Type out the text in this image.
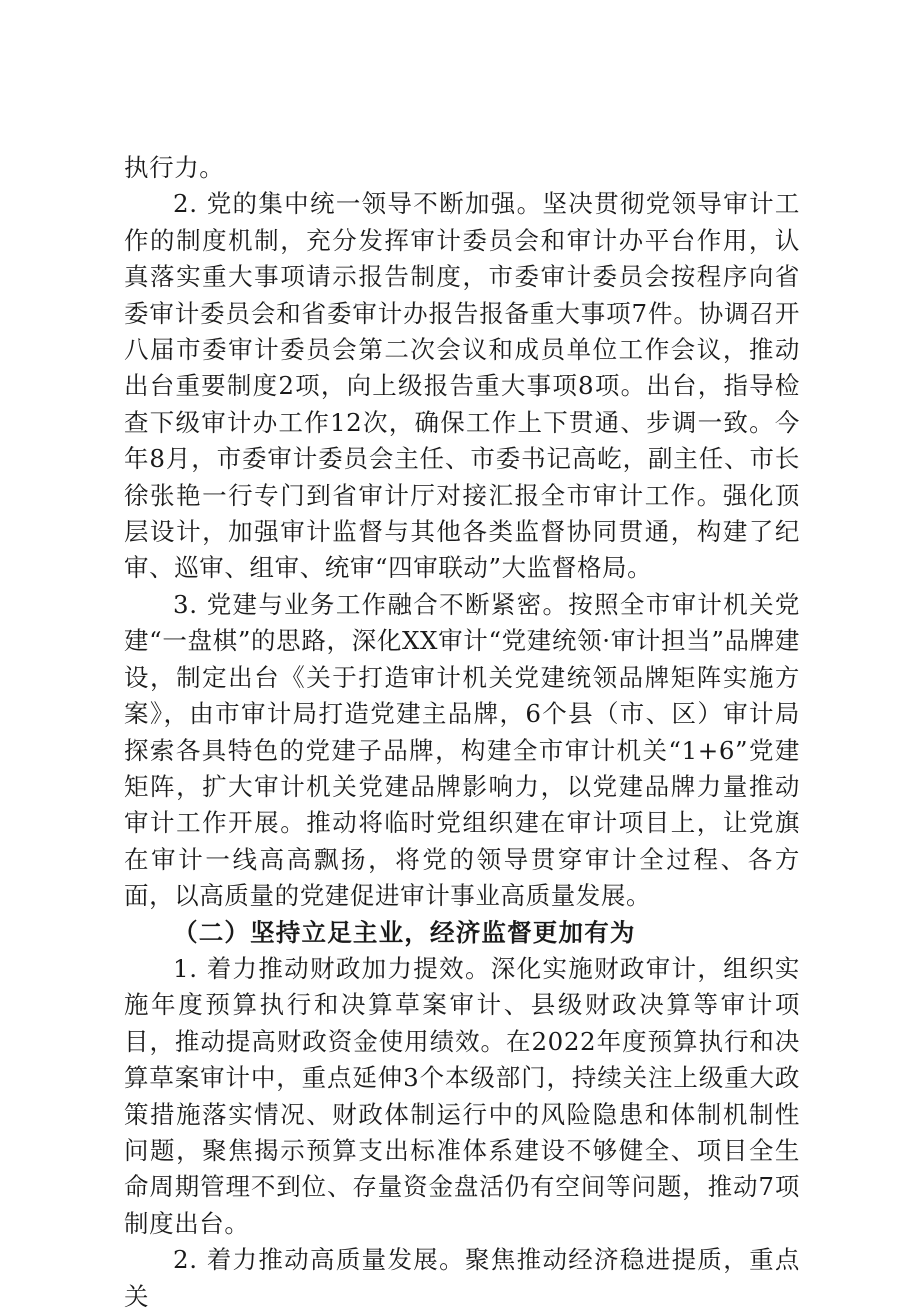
执行力。

2. 党的集中统一领导不断加强。坚决贯彻党领导审计工作的制度机制，充分发挥审计委员会和审计办平台作用，认真落实重大事项请示报告制度，市委审计委员会按程序向省委审计委员会和省委审计办报告报备重大事项7件。协调召开八届市委审计委员会第二次会议和成员单位工作会议，推动出台重要制度2项，向上级报告重大事项8项。出台，指导检查下级审计办工作12次，确保工作上下贯通、步调一致。今年8月，市委审计委员会主任、市委书记高屹，副主任、市长徐张艳一行专门到省审计厅对接汇报全市审计工作。强化顶层设计，加强审计监督与其他各类监督协同贯通，构建了纪审、巡审、组审、统审“四审联动”大监督格局。

3. 党建与业务工作融合不断紧密。按照全市审计机关党建“一盘棋”的思路，深化XX审计“党建统领·审计担当”品牌建设，制定出台《关于打造审计机关党建统领品牌矩阵实施方案》，由市审计局打造党建主品牌，6个县（市、区）审计局探索各具特色的党建子品牌，构建全市审计机关“1+6”党建矩阵，扩大审计机关党建品牌影响力，以党建品牌力量推动审计工作开展。推动将临时党组织建在审计项目上，让党旗在审计一线高高飘扬，将党的领导贯穿审计全过程、各方面，以高质量的党建促进审计事业高质量发展。

（二）坚持立足主业，经济监督更加有为

1. 着力推动财政加力提效。深化实施财政审计，组织实施年度预算执行和决算草案审计、县级财政决算等审计项目，推动提高财政资金使用绩效。在2022年度预算执行和决算草案审计中，重点延伸3个本级部门，持续关注上级重大政策措施落实情况、财政体制运行中的风险隐患和体制机制性问题，聚焦揭示预算支出标准体系建设不够健全、项目全生命周期管理不到位、存量资金盘活仍有空间等问题，推动7项制度出台。

2. 着力推动高质量发展。聚焦推动经济稳进提质，重点关
